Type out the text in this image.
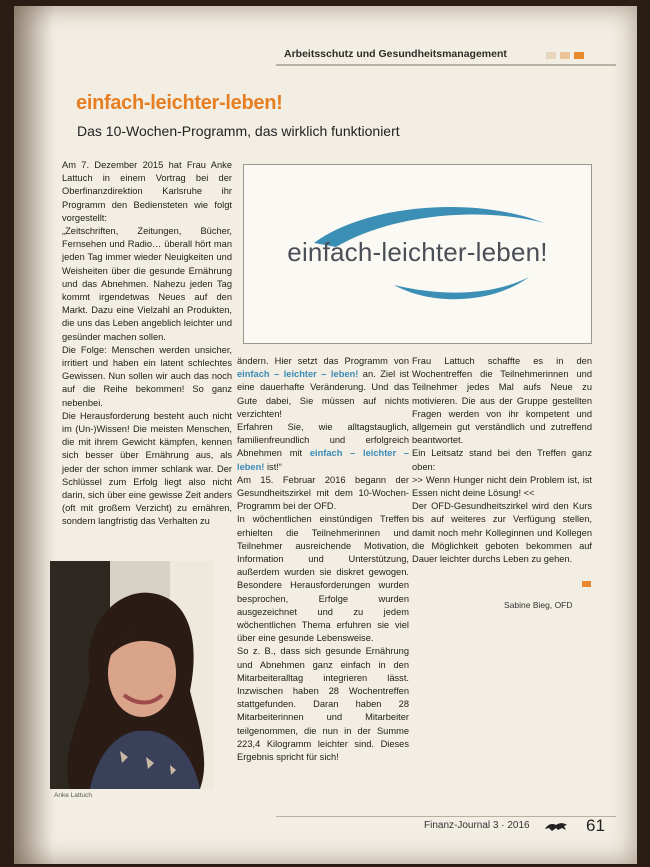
Arbeitsschutz und Gesundheitsmanagement
einfach-leichter-leben!
Das 10-Wochen-Programm, das wirklich funktioniert

Am 7. Dezember 2015 hat Frau Anke Lattuch in einem Vortrag bei der Oberfinanzdirektion Karlsruhe ihr Programm den Bediensteten wie folgt vorgestellt:

„Zeitschriften, Zeitungen, Bücher, Fernsehen und Radio… überall hört man jeden Tag immer wieder Neuigkeiten und Weisheiten über die gesunde Ernährung und das Abnehmen. Nahezu jeden Tag kommt irgendetwas Neues auf den Markt. Dazu eine Vielzahl an Produkten, die uns das Leben angeblich leichter und gesünder machen sollen.

Die Folge: Menschen werden unsicher, irritiert und haben ein latent schlechtes Gewissen. Nun sollen wir auch das noch auf die Reihe bekommen! So ganz nebenbei.

Die Herausforderung besteht auch nicht im (Un-)Wissen! Die meisten Menschen, die mit ihrem Gewicht kämpfen, kennen sich besser über Ernährung aus, als jeder der schon immer schlank war. Der Schlüssel zum Erfolg liegt also nicht darin, sich über eine gewisse Zeit anders (oft mit großem Verzicht) zu ernähren, sondern langfristig das Verhalten zu

einfach-leichter-leben!

ändern. Hier setzt das Programm von einfach – leichter – leben! an. Ziel ist eine dauerhafte Veränderung. Und das Gute dabei, Sie müssen auf nichts verzichten!

Erfahren Sie, wie alltagstauglich, familienfreundlich und erfolgreich Abnehmen mit einfach – leichter – leben! ist!“

Am 15. Februar 2016 begann der Gesundheitszirkel mit dem 10-Wochen-Programm bei der OFD.

In wöchentlichen einstündigen Treffen erhielten die Teilnehmerinnen und Teilnehmer ausreichende Motivation, Information und Unterstützung, außerdem wurden sie diskret gewogen. Besondere Herausforderungen wurden besprochen, Erfolge wurden ausgezeichnet und zu jedem wöchentlichen Thema erfuhren sie viel über eine gesunde Lebensweise.

So z. B., dass sich gesunde Ernährung und Abnehmen ganz einfach in den Mitarbeiteralltag integrieren lässt. Inzwischen haben 28 Wochentreffen stattgefunden. Daran haben 28 Mitarbeiterinnen und Mitarbeiter teilgenommen, die nun in der Summe 223,4 Kilogramm leichter sind. Dieses Ergebnis spricht für sich!

Frau Lattuch schaffte es in den Wochentreffen die Teilnehmerinnen und Teilnehmer jedes Mal aufs Neue zu motivieren. Die aus der Gruppe gestellten Fragen werden von ihr kompetent und allgemein gut verständlich und zutreffend beantwortet.

Ein Leitsatz stand bei den Treffen ganz oben:

>> Wenn Hunger nicht dein Problem ist, ist Essen nicht deine Lösung! <<

Der OFD-Gesundheitszirkel wird den Kurs bis auf weiteres zur Verfügung stellen, damit noch mehr Kolleginnen und Kollegen die Möglichkeit geboten bekommen auf Dauer leichter durchs Leben zu gehen.

Sabine Bieg, OFD
Anke Lattuch
Finanz-Journal 3 · 2016	61
